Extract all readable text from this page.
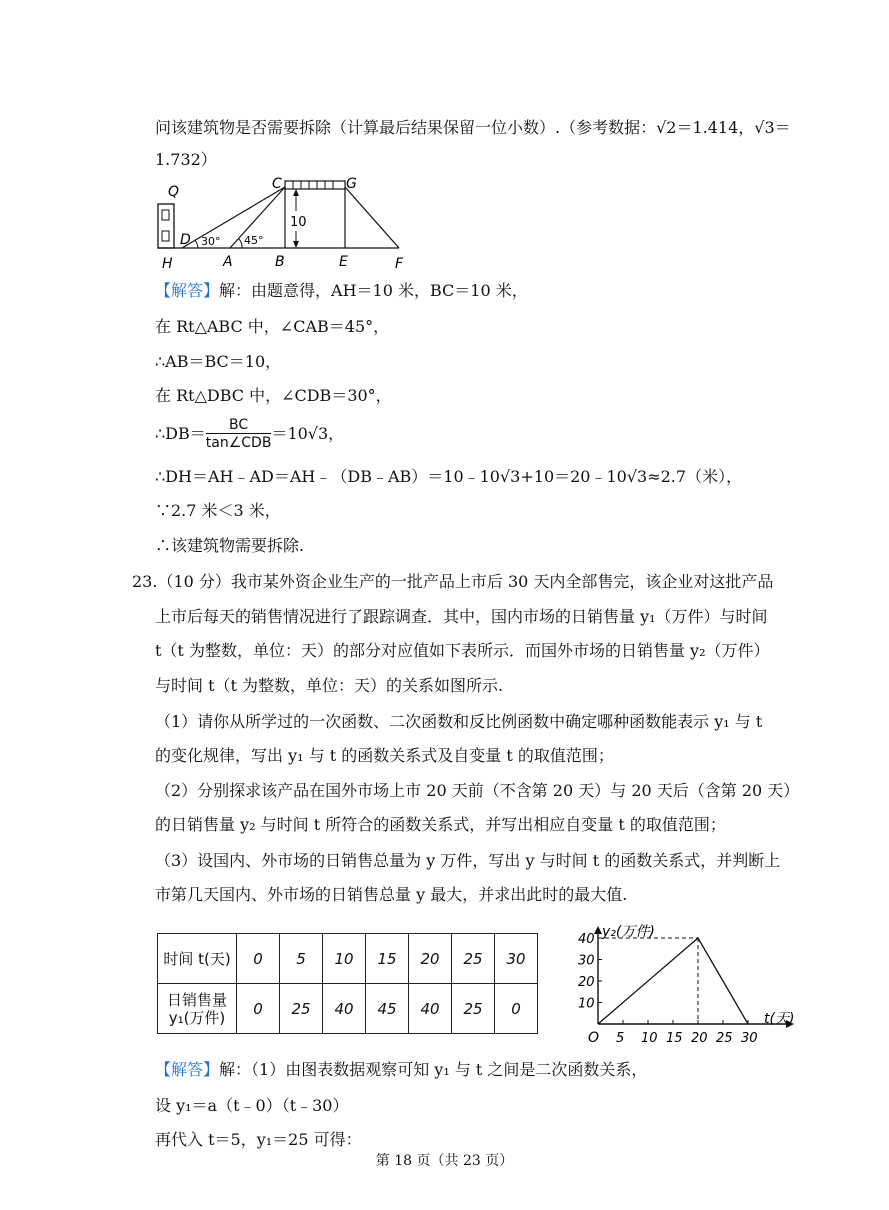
问该建筑物是否需要拆除（计算最后结果保留一位小数）.（参考数据：√2＝1.414，√3＝
1.732）
10
30° 45°
Q	C	G
D
H	A	B	E	F
【解答】解：由题意得，AH＝10 米，BC＝10 米，
在 Rt△ABC 中，∠CAB＝45°，
∴AB＝BC＝10，
在 Rt△DBC 中，∠CDB＝30°，
∴DB＝ $\frac{BC}{\text{tan∠CDB}} =10√3$，
∴DH＝AH﹣AD＝AH﹣（DB﹣AB）＝10﹣10√3+10＝20﹣10√3≈2.7（米），
∵2.7 米＜3 米，
∴该建筑物需要拆除.
23.（10 分）我市某外资企业生产的一批产品上市后 30 天内全部售完，该企业对这批产品
上市后每天的销售情况进行了跟踪调查．其中，国内市场的日销售量 y₁（万件）与时间
t（t 为整数，单位：天）的部分对应值如下表所示．而国外市场的日销售量 y₂（万件）
与时间 t（t 为整数，单位：天）的关系如图所示.
（1）请你从所学过的一次函数、二次函数和反比例函数中确定哪种函数能表示 y₁ 与 t
的变化规律，写出 y₁ 与 t 的函数关系式及自变量 t 的取值范围；
（2）分别探求该产品在国外市场上市 20 天前（不含第 20 天）与 20 天后（含第 20 天）
的日销售量 y₂ 与时间 t 所符合的函数关系式，并写出相应自变量 t 的取值范围；
（3）设国内、外市场的日销售总量为 y 万件，写出 y 与时间 t 的函数关系式，并判断上
市第几天国内、外市场的日销售总量 y 最大，并求出此时的最大值.
时间 t(天)	0	5	10	15	20	25	30
日销售量
y₁(万件)	0	25	40	45	40	25	0
5 10 15 20 25 30
10
20
30
40 y₂(万件)
t(天)
O
【解答】解：（1）由图表数据观察可知 y₁ 与 t 之间是二次函数关系，
设 y₁＝a（t﹣0）（t﹣30）
再代入 t＝5，y₁＝25 可得：
第 18 页（共 23 页）
